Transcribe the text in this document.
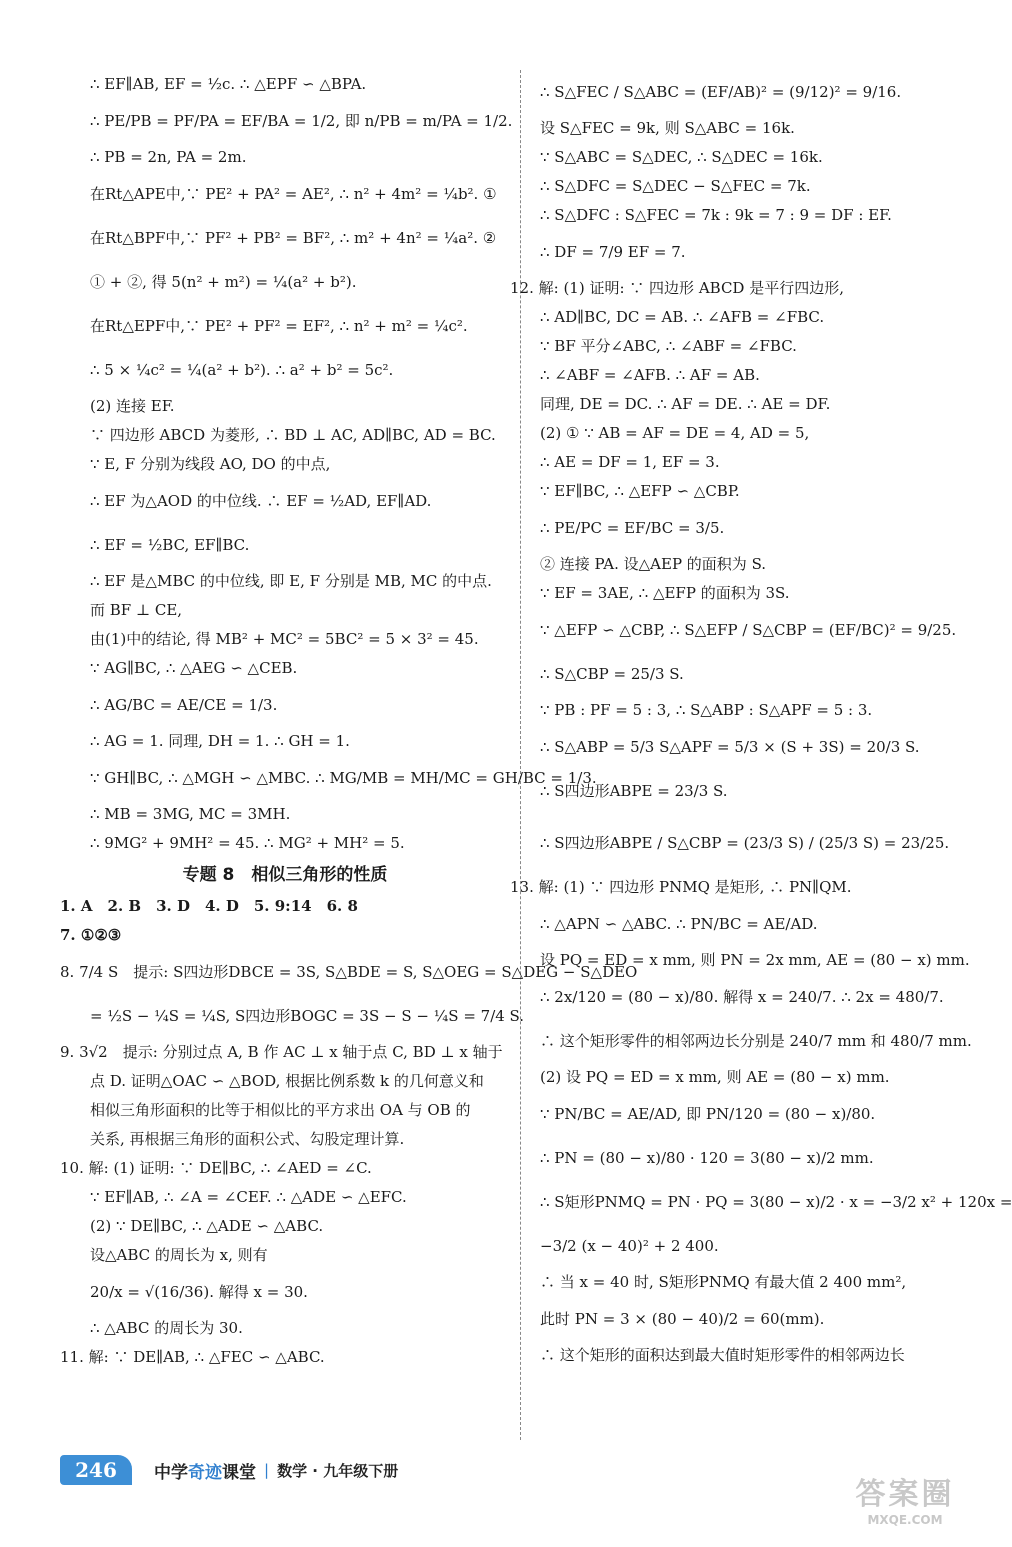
∴ EF∥AB, EF = ½c. ∴ △EPF ∽ △BPA.
∴ PE/PB = PF/PA = EF/BA = 1/2, 即 n/PB = m/PA = 1/2.
∴ PB = 2n, PA = 2m.
在Rt△APE中,∵ PE² + PA² = AE², ∴ n² + 4m² = ¼b². ①
在Rt△BPF中,∵ PF² + PB² = BF², ∴ m² + 4n² = ¼a². ②
① + ②, 得 5(n² + m²) = ¼(a² + b²).
在Rt△EPF中,∵ PE² + PF² = EF², ∴ n² + m² = ¼c².
∴ 5 × ¼c² = ¼(a² + b²). ∴ a² + b² = 5c².
(2) 连接 EF.
∵ 四边形 ABCD 为菱形, ∴ BD ⊥ AC, AD∥BC, AD = BC.
∵ E, F 分别为线段 AO, DO 的中点,
∴ EF 为△AOD 的中位线. ∴ EF = ½AD, EF∥AD.
∴ EF = ½BC, EF∥BC.
∴ EF 是△MBC 的中位线, 即 E, F 分别是 MB, MC 的中点.
而 BF ⊥ CE,
由(1)中的结论, 得 MB² + MC² = 5BC² = 5 × 3² = 45.
∵ AG∥BC, ∴ △AEG ∽ △CEB.
∴ AG/BC = AE/CE = 1/3.
∴ AG = 1. 同理, DH = 1. ∴ GH = 1.
∵ GH∥BC, ∴ △MGH ∽ △MBC. ∴ MG/MB = MH/MC = GH/BC = 1/3.
∴ MB = 3MG, MC = 3MH.
∴ 9MG² + 9MH² = 45. ∴ MG² + MH² = 5.
专题 8　相似三角形的性质
1. A　2. B　3. D　4. D　5. 9:14　6. 8
7. ①②③
8. 7/4 S　提示: S四边形DBCE = 3S, S△BDE = S, S△OEG = S△DEG − S△DEO
= ½S − ¼S = ¼S, S四边形BOGC = 3S − S − ¼S = 7/4 S.
9. 3√2　提示: 分别过点 A, B 作 AC ⊥ x 轴于点 C, BD ⊥ x 轴于
点 D. 证明△OAC ∽ △BOD, 根据比例系数 k 的几何意义和
相似三角形面积的比等于相似比的平方求出 OA 与 OB 的
关系, 再根据三角形的面积公式、勾股定理计算.
10. 解: (1) 证明: ∵ DE∥BC, ∴ ∠AED = ∠C.
∵ EF∥AB, ∴ ∠A = ∠CEF. ∴ △ADE ∽ △EFC.
(2) ∵ DE∥BC, ∴ △ADE ∽ △ABC.
设△ABC 的周长为 x, 则有
20/x = √(16/36). 解得 x = 30.
∴ △ABC 的周长为 30.
11. 解: ∵ DE∥AB, ∴ △FEC ∽ △ABC.
∴ S△FEC / S△ABC = (EF/AB)² = (9/12)² = 9/16.
设 S△FEC = 9k, 则 S△ABC = 16k.
∵ S△ABC = S△DEC, ∴ S△DEC = 16k.
∴ S△DFC = S△DEC − S△FEC = 7k.
∴ S△DFC : S△FEC = 7k : 9k = 7 : 9 = DF : EF.
∴ DF = 7/9 EF = 7.
12. 解: (1) 证明: ∵ 四边形 ABCD 是平行四边形,
∴ AD∥BC, DC = AB. ∴ ∠AFB = ∠FBC.
∵ BF 平分∠ABC, ∴ ∠ABF = ∠FBC.
∴ ∠ABF = ∠AFB. ∴ AF = AB.
同理, DE = DC. ∴ AF = DE. ∴ AE = DF.
(2) ① ∵ AB = AF = DE = 4, AD = 5,
∴ AE = DF = 1, EF = 3.
∵ EF∥BC, ∴ △EFP ∽ △CBP.
∴ PE/PC = EF/BC = 3/5.
② 连接 PA. 设△AEP 的面积为 S.
∵ EF = 3AE, ∴ △EFP 的面积为 3S.
∵ △EFP ∽ △CBP, ∴ S△EFP / S△CBP = (EF/BC)² = 9/25.
∴ S△CBP = 25/3 S.
∵ PB : PF = 5 : 3, ∴ S△ABP : S△APF = 5 : 3.
∴ S△ABP = 5/3 S△APF = 5/3 × (S + 3S) = 20/3 S.
∴ S四边形ABPE = 23/3 S.
∴ S四边形ABPE / S△CBP = (23/3 S) / (25/3 S) = 23/25.
13. 解: (1) ∵ 四边形 PNMQ 是矩形, ∴ PN∥QM.
∴ △APN ∽ △ABC. ∴ PN/BC = AE/AD.
设 PQ = ED = x mm, 则 PN = 2x mm, AE = (80 − x) mm.
∴ 2x/120 = (80 − x)/80. 解得 x = 240/7. ∴ 2x = 480/7.
∴ 这个矩形零件的相邻两边长分别是 240/7 mm 和 480/7 mm.
(2) 设 PQ = ED = x mm, 则 AE = (80 − x) mm.
∵ PN/BC = AE/AD, 即 PN/120 = (80 − x)/80.
∴ PN = (80 − x)/80 · 120 = 3(80 − x)/2 mm.
∴ S矩形PNMQ = PN · PQ = 3(80 − x)/2 · x = −3/2 x² + 120x =
−3/2 (x − 40)² + 2 400.
∴ 当 x = 40 时, S矩形PNMQ 有最大值 2 400 mm²,
此时 PN = 3 × (80 − 40)/2 = 60(mm).
∴ 这个矩形的面积达到最大值时矩形零件的相邻两边长
246	中学奇迹课堂 | 数学 · 九年级下册
答案圈
MXQE.COM
